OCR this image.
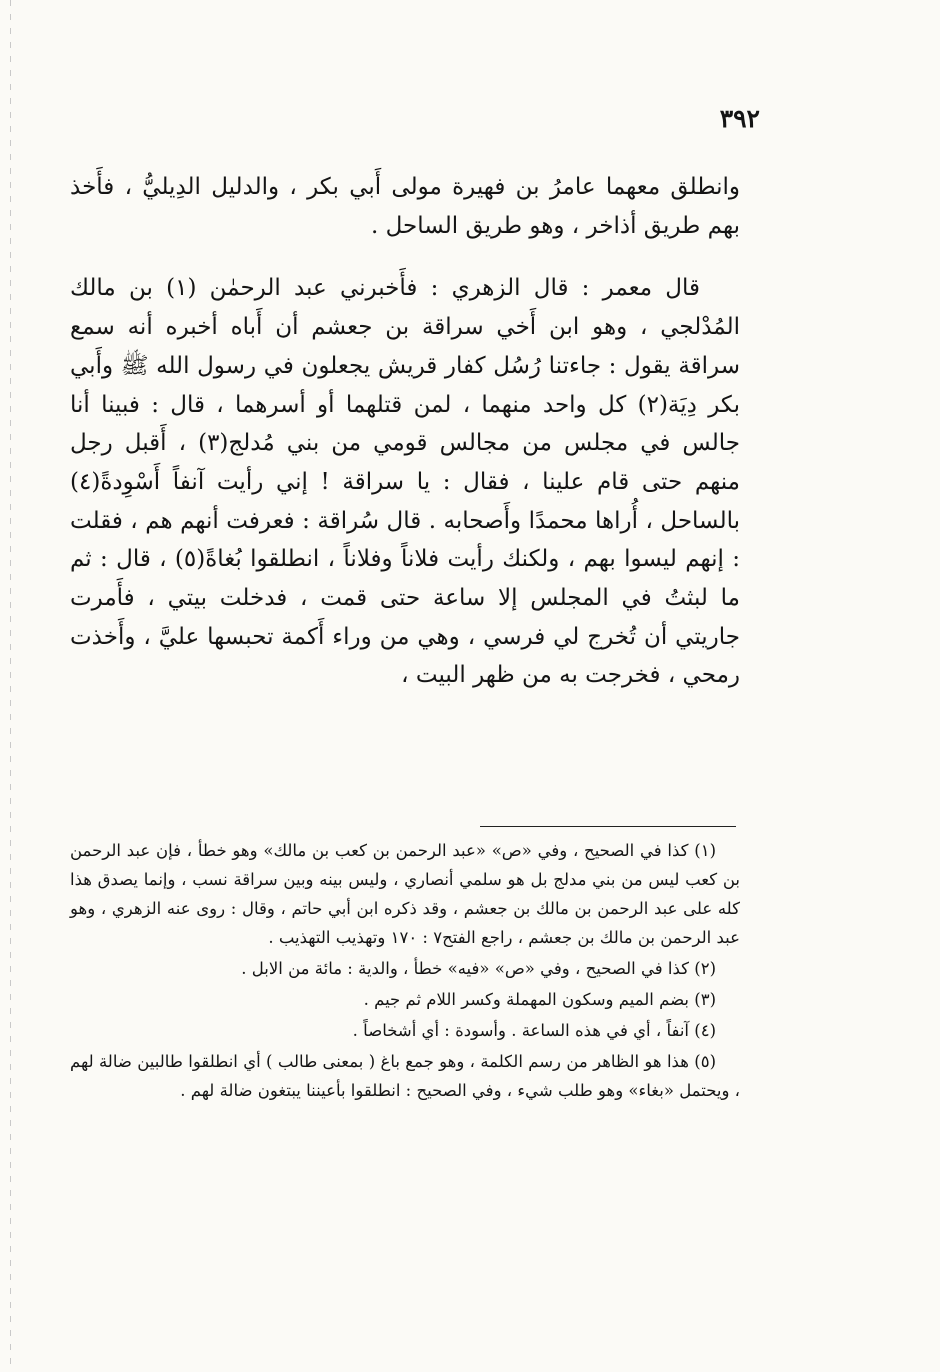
٣٩٢

وانطلق معهما عامرُ بن فهيرة مولى أَبي بكر ، والدليل الدِيليُّ ، فأَخذ بهم طريق أذاخر ، وهو طريق الساحل .

قال معمر : قال الزهري : فأَخبرني عبد الرحمٰن (١) بن مالك المُدْلجي ، وهو ابن أَخي سراقة بن جعشم أن أَباه أخبره أنه سمع سراقة يقول : جاءتنا رُسُل كفار قريش يجعلون في رسول الله ﷺ وأَبي بكر دِيَة(٢) كل واحد منهما ، لمن قتلهما أو أسرهما ، قال : فبينا أنا جالس في مجلس من مجالس قومي من بني مُدلج(٣) ، أَقبل رجل منهم حتى قام علينا ، فقال : يا سراقة ! إني رأيت آنفاً أَسْوِدةً(٤) بالساحل ، أُراها محمدًا وأَصحابه . قال سُراقة : فعرفت أنهم هم ، فقلت : إنهم ليسوا بهم ، ولكنك رأيت فلاناً وفلاناً ، انطلقوا بُغاةً(٥) ، قال : ثم ما لبثتُ في المجلس إلا ساعة حتى قمت ، فدخلت بيتي ، فأَمرت جاريتي أن تُخرج لي فرسي ، وهي من وراء أَكمة تحبسها عليَّ ، وأَخذت رمحي ، فخرجت به من ظهر البيت ،

(١) كذا في الصحيح ، وفي «ص» «عبد الرحمن بن كعب بن مالك» وهو خطأ ، فإن عبد الرحمن بن كعب ليس من بني مدلج بل هو سلمي أنصاري ، وليس بينه وبين سراقة نسب ، وإنما يصدق هذا كله على عبد الرحمن بن مالك بن جعشم ، وقد ذكره ابن أبي حاتم ، وقال : روى عنه الزهري ، وهو عبد الرحمن بن مالك بن جعشم ، راجع الفتح٧ : ١٧٠ وتهذيب التهذيب .

(٢) كذا في الصحيح ، وفي «ص» «فيه» خطأ ، والدية : مائة من الابل .

(٣) بضم الميم وسكون المهملة وكسر اللام ثم جيم .

(٤) آنفاً ، أي في هذه الساعة . وأسودة : أي أشخاصاً .

(٥) هذا هو الظاهر من رسم الكلمة ، وهو جمع باغ ( بمعنى طالب ) أي انطلقوا طالبين ضالة لهم ، ويحتمل «بغاء» وهو طلب شيء ، وفي الصحيح : انطلقوا بأعيننا يبتغون ضالة لهم .
